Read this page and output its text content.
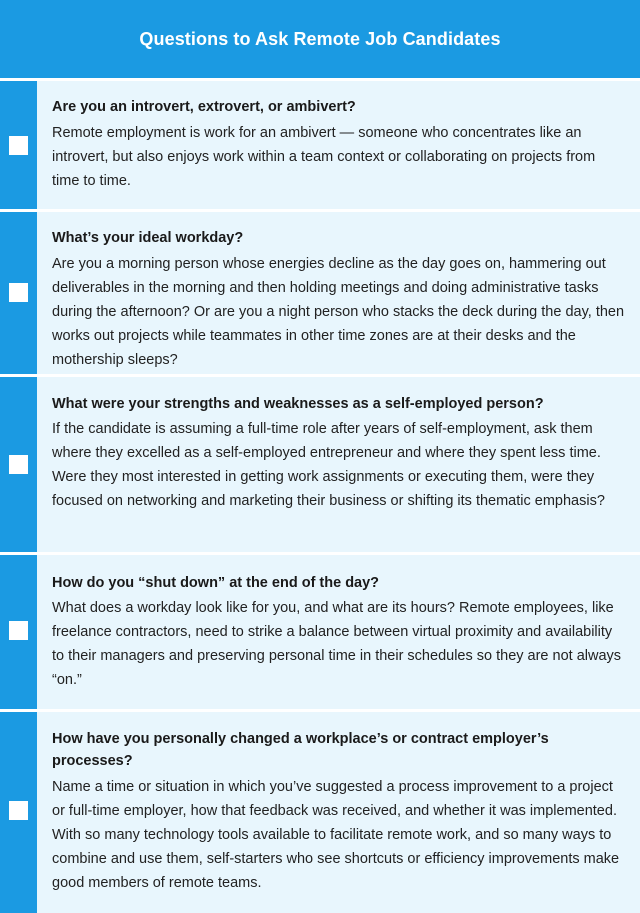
Questions to Ask Remote Job Candidates

Are you an introvert, extrovert, or ambivert?

Remote employment is work for an ambivert — someone who concentrates like an introvert, but also enjoys work within a team context or collaborating on projects from time to time.

What’s your ideal workday?

Are you a morning person whose energies decline as the day goes on, hammering out deliverables in the morning and then holding meetings and doing administrative tasks during the afternoon? Or are you a night person who stacks the deck during the day, then works out projects while teammates in other time zones are at their desks and the mothership sleeps?

What were your strengths and weaknesses as a self-employed person?

If the candidate is assuming a full-time role after years of self-employment, ask them where they excelled as a self-employed entrepreneur and where they spent less time. Were they most interested in getting work assignments or executing them, were they focused on networking and marketing their business or shifting its thematic emphasis?

How do you “shut down” at the end of the day?

What does a workday look like for you, and what are its hours? Remote employees, like freelance contractors, need to strike a balance between virtual proximity and availability to their managers and preserving personal time in their schedules so they are not always “on.”

How have you personally changed a workplace’s or contract employer’s processes?

Name a time or situation in which you’ve suggested a process improvement to a project or full-time employer, how that feedback was received, and whether it was implemented. With so many technology tools available to facilitate remote work, and so many ways to combine and use them, self-starters who see shortcuts or efficiency improvements make good members of remote teams.
